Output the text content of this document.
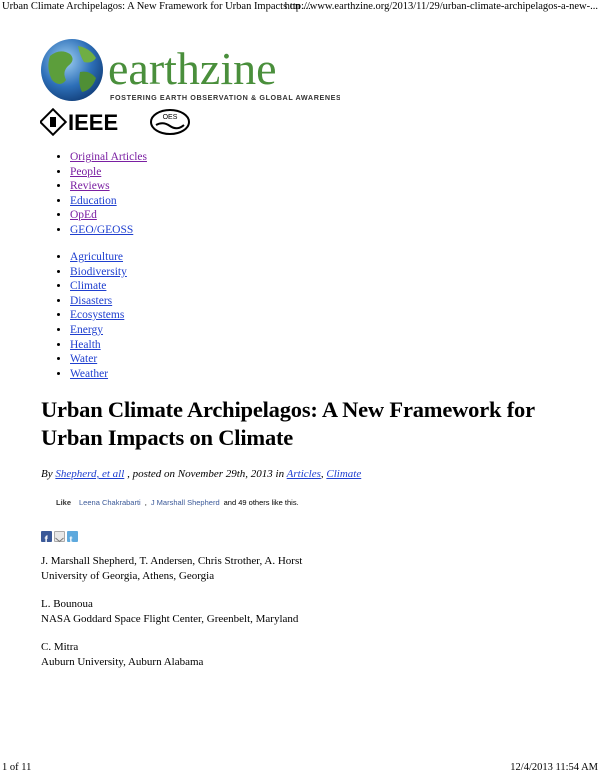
Urban Climate Archipelagos: A New Framework for Urban Impacts on ...
http://www.earthzine.org/2013/11/29/urban-climate-archipelagos-a-new-...
earthzine
FOSTERING EARTH OBSERVATION & GLOBAL AWARENESS
IEEE	OES
• Original Articles
• People
• Reviews
• Education
• OpEd
• GEO/GEOSS
• Agriculture
• Biodiversity
• Climate
• Disasters
• Ecosystems
• Energy
• Health
• Water
• Weather
Urban Climate Archipelagos: A New Framework for Urban Impacts on Climate
By Shepherd, et all , posted on November 29th, 2013 in Articles, Climate
Like Leena Chakrabarti , J Marshall Shepherd and 49 others like this.
f t

J. Marshall Shepherd, T. Andersen, Chris Strother, A. Horst
University of Georgia, Athens, Georgia

L. Bounoua
NASA Goddard Space Flight Center, Greenbelt, Maryland

C. Mitra
Auburn University, Auburn Alabama

1 of 11	12/4/2013 11:54 AM
